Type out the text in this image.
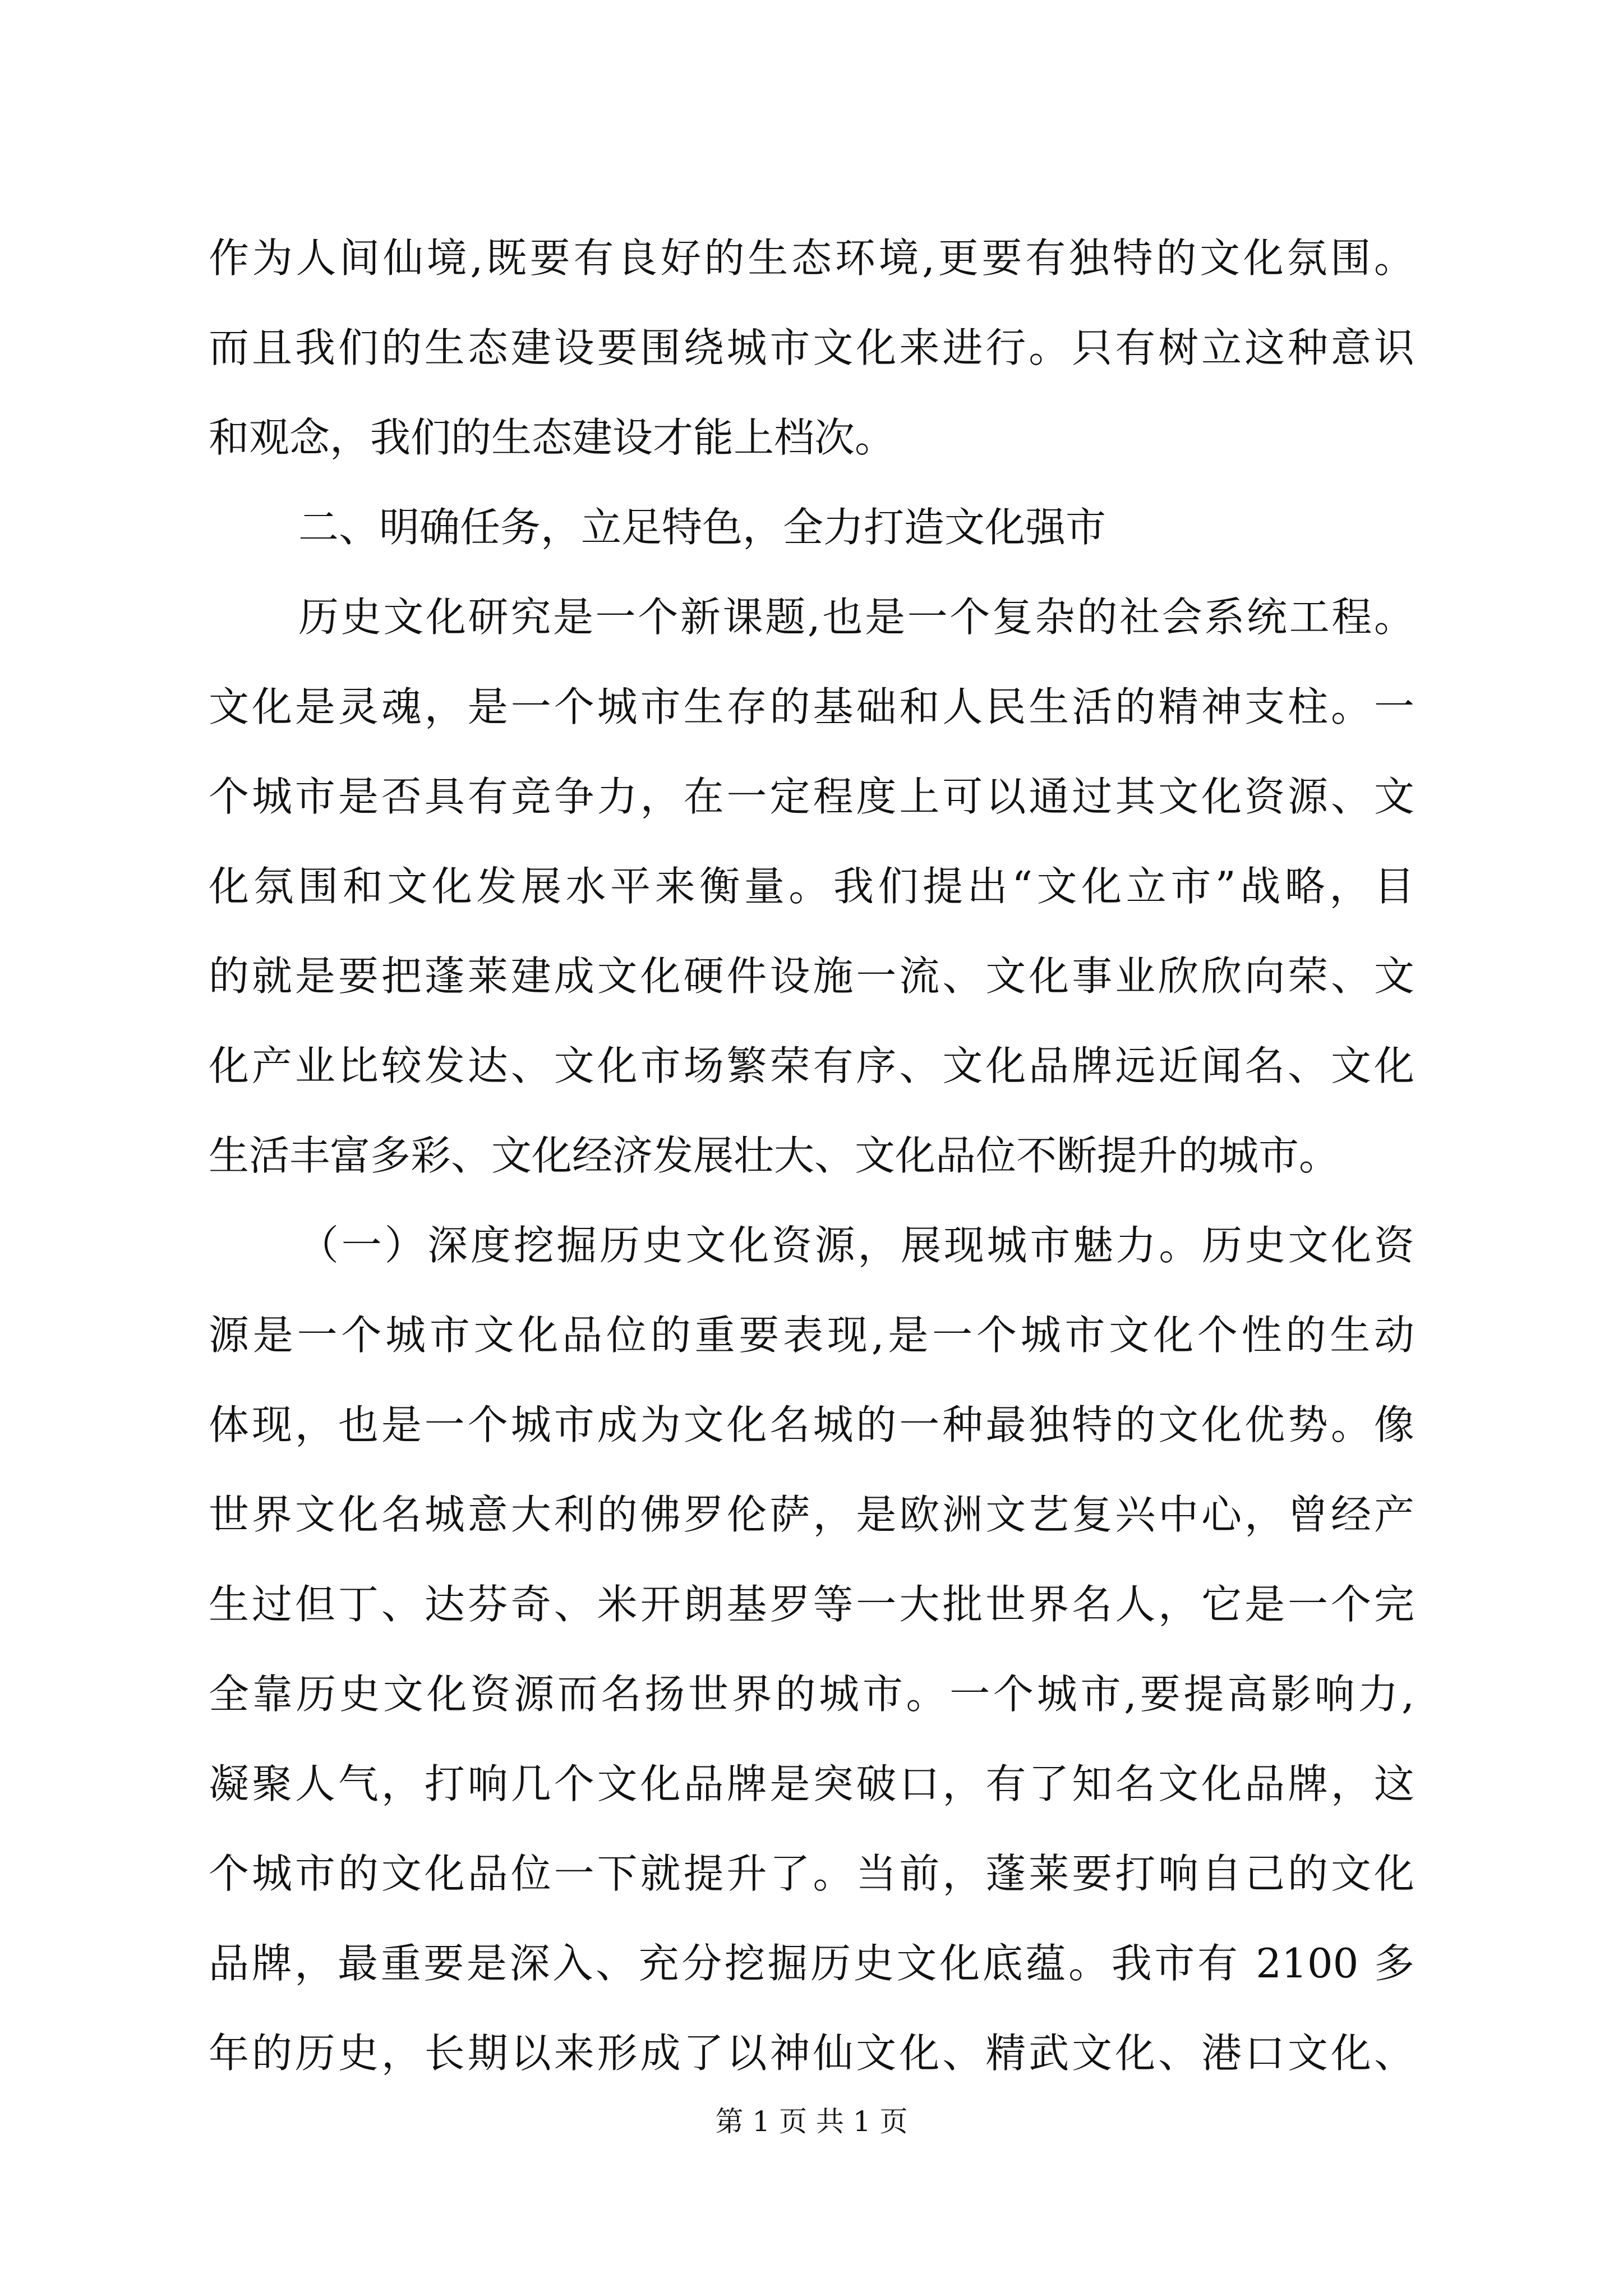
作为人间仙境,既要有良好的生态环境,更要有独特的文化氛围。
而且我们的生态建设要围绕城市文化来进行。只有树立这种意识
和观念，我们的生态建设才能上档次。
二、明确任务，立足特色，全力打造文化强市
历史文化研究是一个新课题,也是一个复杂的社会系统工程。
文化是灵魂，是一个城市生存的基础和人民生活的精神支柱。一
个城市是否具有竞争力，在一定程度上可以通过其文化资源、文
化氛围和文化发展水平来衡量。我们提出“文化立市”战略，目
的就是要把蓬莱建成文化硬件设施一流、文化事业欣欣向荣、文
化产业比较发达、文化市场繁荣有序、文化品牌远近闻名、文化
生活丰富多彩、文化经济发展壮大、文化品位不断提升的城市。
（一）深度挖掘历史文化资源，展现城市魅力。历史文化资
源是一个城市文化品位的重要表现,是一个城市文化个性的生动
体现，也是一个城市成为文化名城的一种最独特的文化优势。像
世界文化名城意大利的佛罗伦萨，是欧洲文艺复兴中心，曾经产
生过但丁、达芬奇、米开朗基罗等一大批世界名人，它是一个完
全靠历史文化资源而名扬世界的城市。一个城市,要提高影响力,
凝聚人气，打响几个文化品牌是突破口，有了知名文化品牌，这
个城市的文化品位一下就提升了。当前，蓬莱要打响自己的文化
品牌，最重要是深入、充分挖掘历史文化底蕴。我市有 2100 多
年的历史，长期以来形成了以神仙文化、精武文化、港口文化、
第 1 页 共 1 页
